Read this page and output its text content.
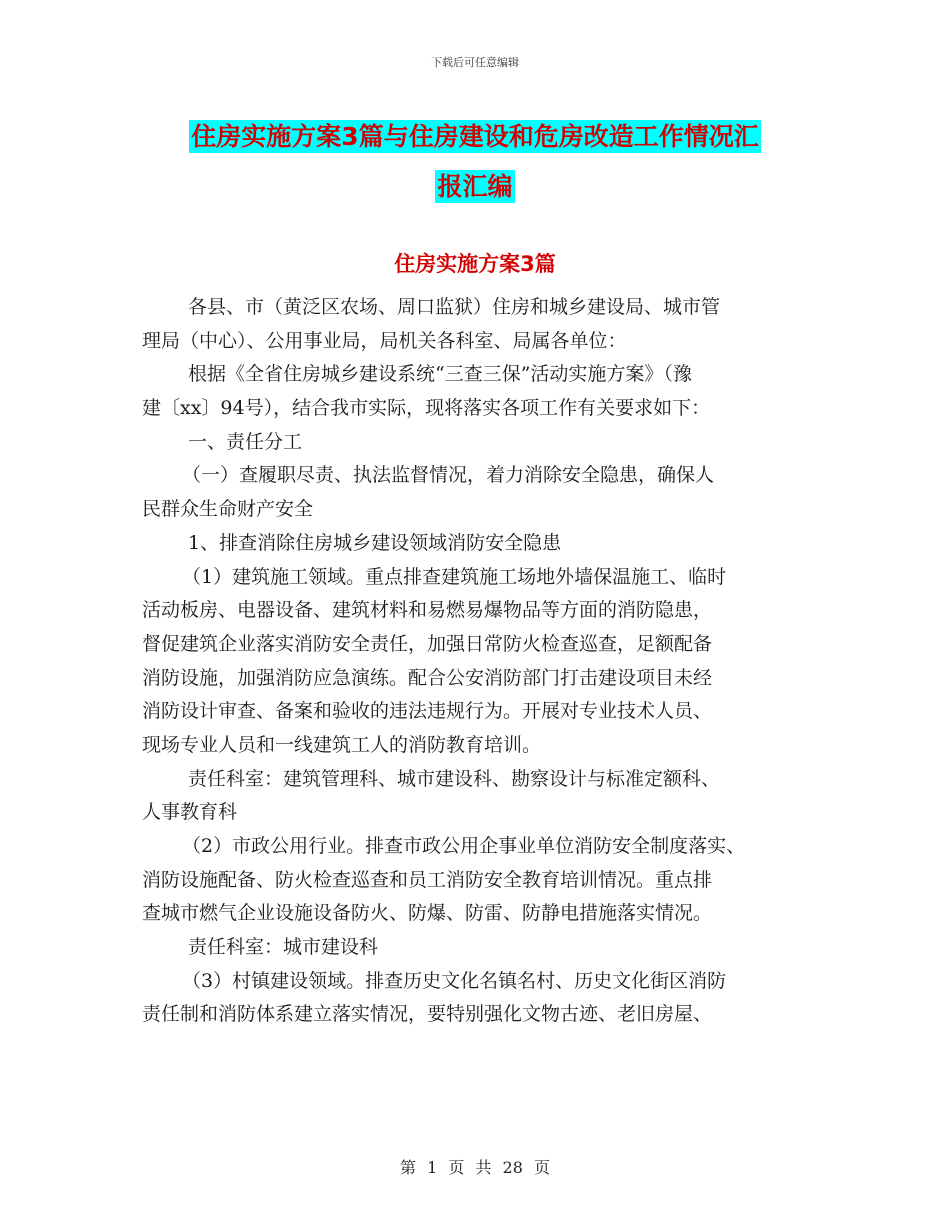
下载后可任意编辑
住房实施方案3篇与住房建设和危房改造工作情况汇
报汇编
住房实施方案3篇
各县、市（黄泛区农场、周口监狱）住房和城乡建设局、城市管
理局（中心）、公用事业局，局机关各科室、局属各单位：
根据《全省住房城乡建设系统“三查三保”活动实施方案》（豫
建〔xx〕94号），结合我市实际，现将落实各项工作有关要求如下：
一、责任分工
（一）查履职尽责、执法监督情况，着力消除安全隐患，确保人
民群众生命财产安全
1、排查消除住房城乡建设领域消防安全隐患
（1）建筑施工领域。重点排查建筑施工场地外墙保温施工、临时
活动板房、电器设备、建筑材料和易燃易爆物品等方面的消防隐患，
督促建筑企业落实消防安全责任，加强日常防火检查巡查，足额配备
消防设施，加强消防应急演练。配合公安消防部门打击建设项目未经
消防设计审查、备案和验收的违法违规行为。开展对专业技术人员、
现场专业人员和一线建筑工人的消防教育培训。
责任科室：建筑管理科、城市建设科、勘察设计与标准定额科、
人事教育科
（2）市政公用行业。排查市政公用企事业单位消防安全制度落实、
消防设施配备、防火检查巡查和员工消防安全教育培训情况。重点排
查城市燃气企业设施设备防火、防爆、防雷、防静电措施落实情况。
责任科室：城市建设科
（3）村镇建设领域。排查历史文化名镇名村、历史文化街区消防
责任制和消防体系建立落实情况，要特别强化文物古迹、老旧房屋、
第 1 页 共 28 页
